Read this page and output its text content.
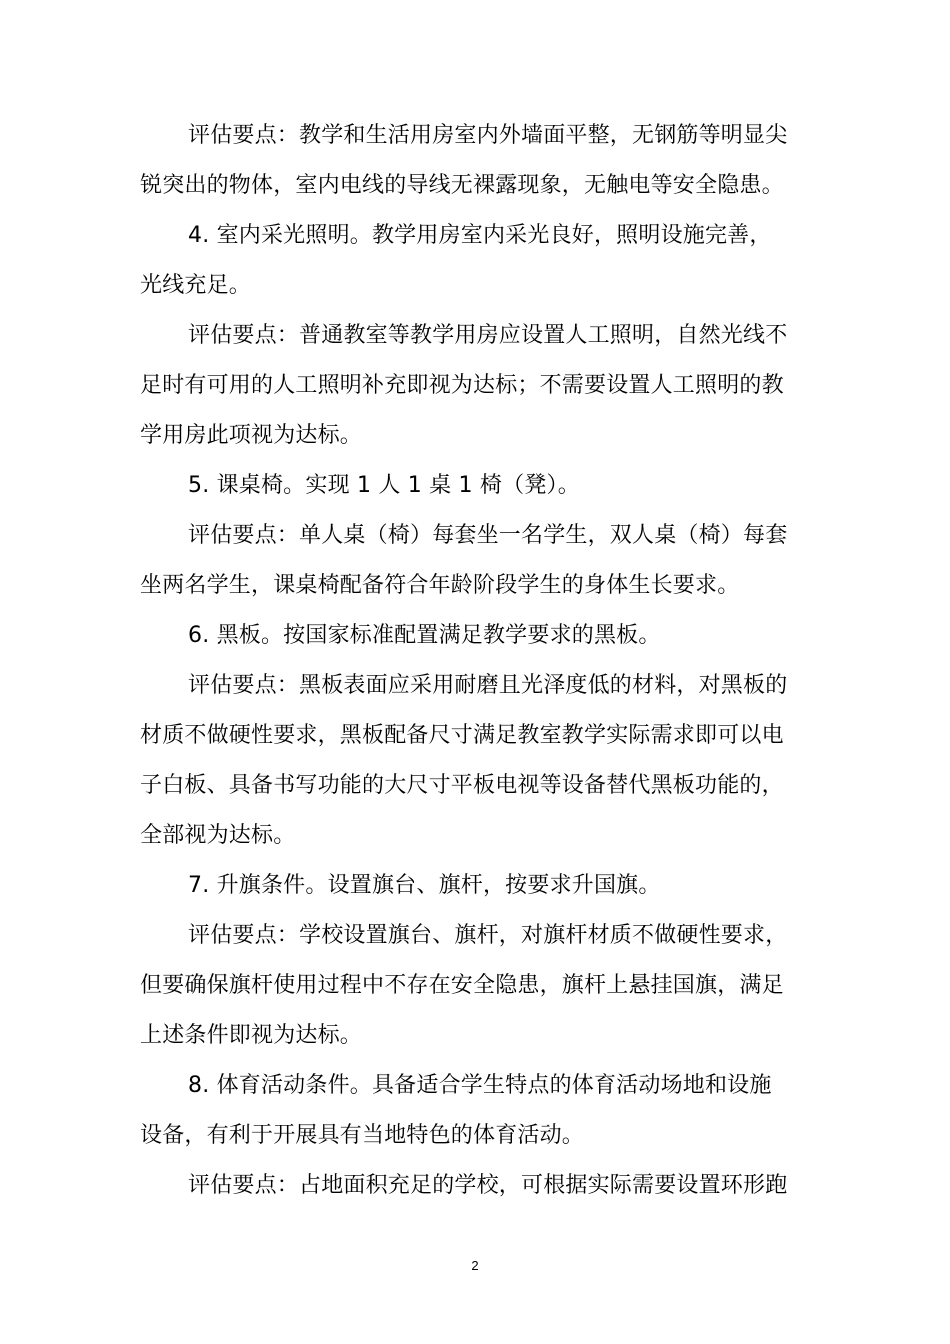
评估要点：教学和生活用房室内外墙面平整，无钢筋等明显尖
锐突出的物体，室内电线的导线无裸露现象，无触电等安全隐患。
4. 室内采光照明。教学用房室内采光良好，照明设施完善，
光线充足。
评估要点：普通教室等教学用房应设置人工照明，自然光线不
足时有可用的人工照明补充即视为达标；不需要设置人工照明的教
学用房此项视为达标。
5. 课桌椅。实现 1 人 1 桌 1 椅（凳）。
评估要点：单人桌（椅）每套坐一名学生，双人桌（椅）每套
坐两名学生，课桌椅配备符合年龄阶段学生的身体生长要求。
6. 黑板。按国家标准配置满足教学要求的黑板。
评估要点：黑板表面应采用耐磨且光泽度低的材料，对黑板的
材质不做硬性要求，黑板配备尺寸满足教室教学实际需求即可以电
子白板、具备书写功能的大尺寸平板电视等设备替代黑板功能的，
全部视为达标。
7. 升旗条件。设置旗台、旗杆，按要求升国旗。
评估要点：学校设置旗台、旗杆，对旗杆材质不做硬性要求，
但要确保旗杆使用过程中不存在安全隐患，旗杆上悬挂国旗，满足
上述条件即视为达标。
8. 体育活动条件。具备适合学生特点的体育活动场地和设施
设备，有利于开展具有当地特色的体育活动。
评估要点：占地面积充足的学校，可根据实际需要设置环形跑
2
